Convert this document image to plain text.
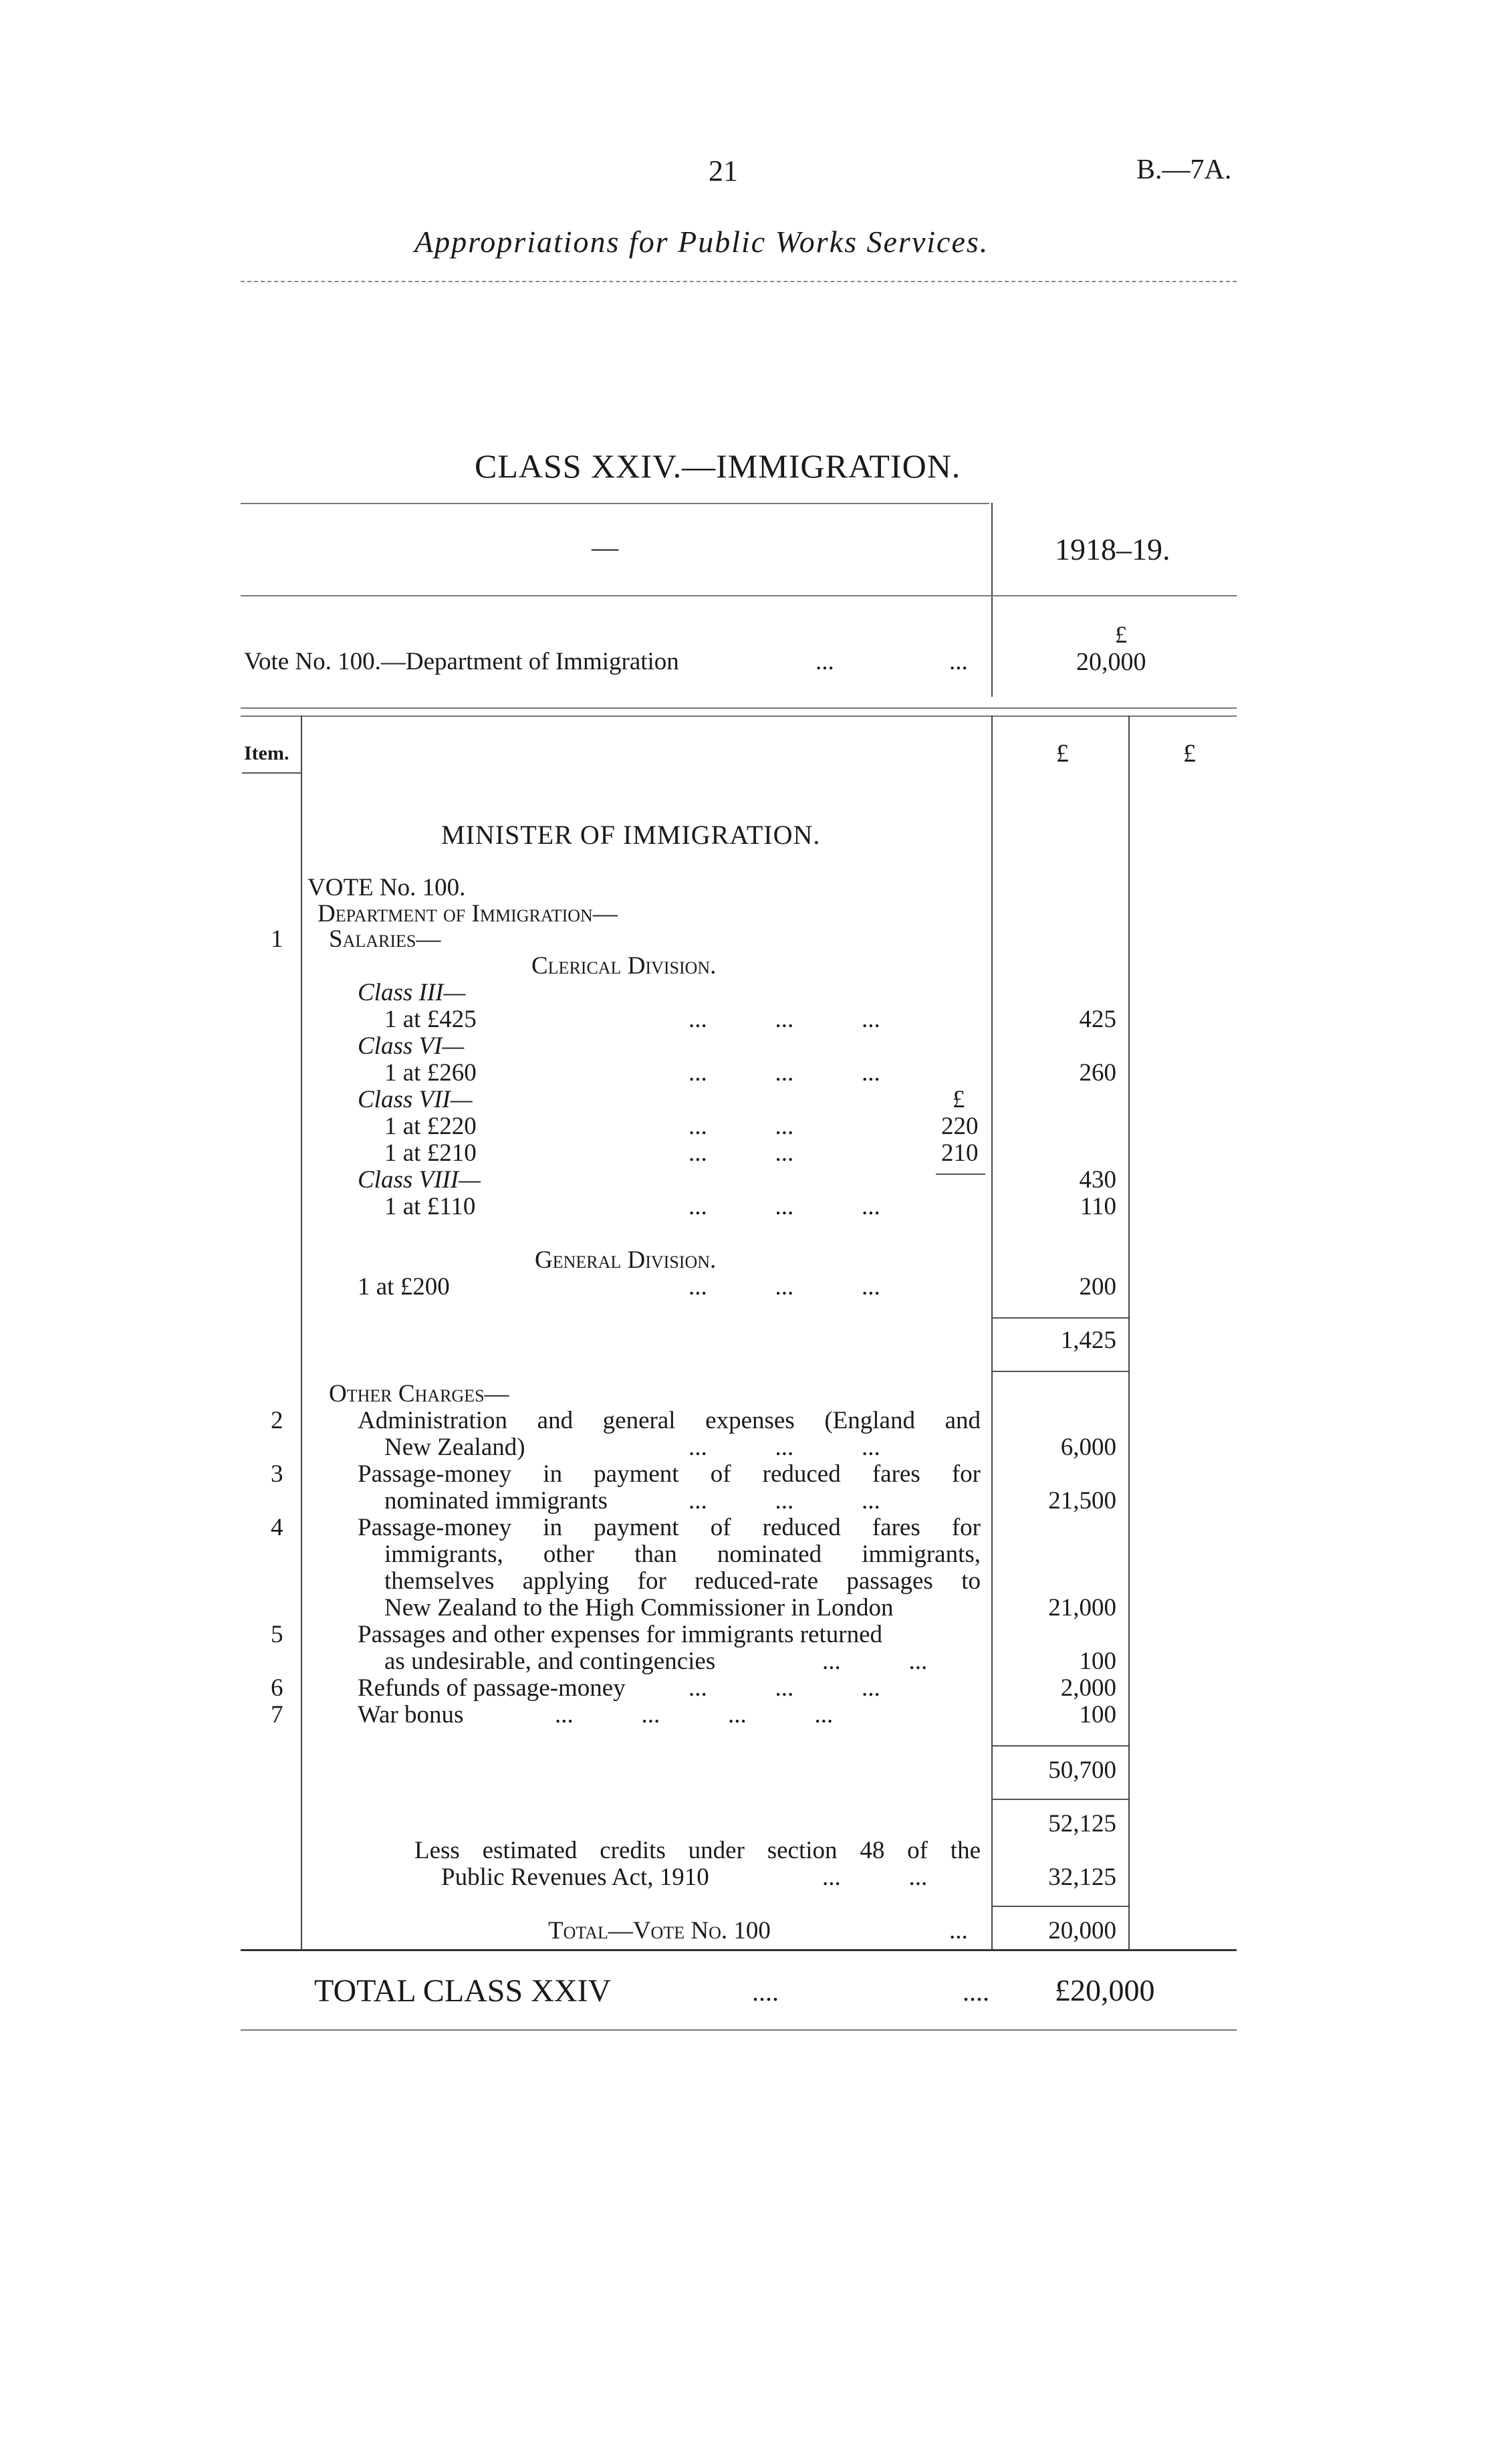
21	B.—7A.
Appropriations for Public Works Services.
CLASS XXIV.—IMMIGRATION.
—	1918–19.
£
Vote No. 100.—Department of Immigration	...	...	20,000
Item.	£	£
MINISTER OF IMMIGRATION.
VOTE No. 100.
Department of Immigration—
1 Salaries—
Clerical Division.
Class III—
1 at £425	...           ...           ...	425
Class VI—
1 at £260	...           ...           ...	260
Class VII—	£
1 at £220	...           ...	220
1 at £210	...           ...	210
Class VIII—	430
1 at £110	...           ...           ...	110
General Division.
1 at £200	...           ...           ...	200
1,425
Other Charges—
2	Administration and general expenses (England and
New Zealand)	...           ...           ...	6,000
3	Passage-money in payment of reduced fares for
nominated immigrants	...           ...           ...	21,500
4	Passage-money in payment of reduced fares for
immigrants, other than nominated immigrants,
themselves applying for reduced-rate passages to
New Zealand to the High Commissioner in London	21,000
5	Passages and other expenses for immigrants returned
as undesirable, and contingencies	...           ...	100
6	Refunds of passage-money	...           ...           ...	2,000
7	War bonus	...           ...           ...           ...	100
50,700
52,125
Less estimated credits under section 48 of the
Public Revenues Act, 1910	...           ...	32,125
Total—Vote No. 100	...	20,000
TOTAL CLASS XXIV	....	.... £20,000
